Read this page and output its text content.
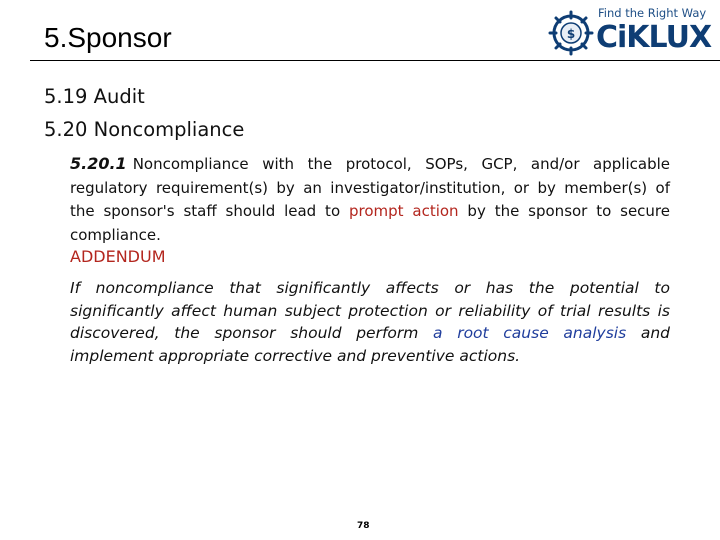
5.Sponsor	$
Find the Right Way
CiKLUX
5.19 Audit
5.20 Noncompliance
5.20.1 Noncompliance with the protocol, SOPs, GCP, and/or applicable regulatory requirement(s) by an investigator/institution, or by member(s) of the sponsor's staff should lead to prompt action by the sponsor to secure compliance.
ADDENDUM
If noncompliance that significantly affects or has the potential to significantly affect human subject protection or reliability of trial results is discovered, the sponsor should perform a root cause analysis and implement appropriate corrective and preventive actions.
78
